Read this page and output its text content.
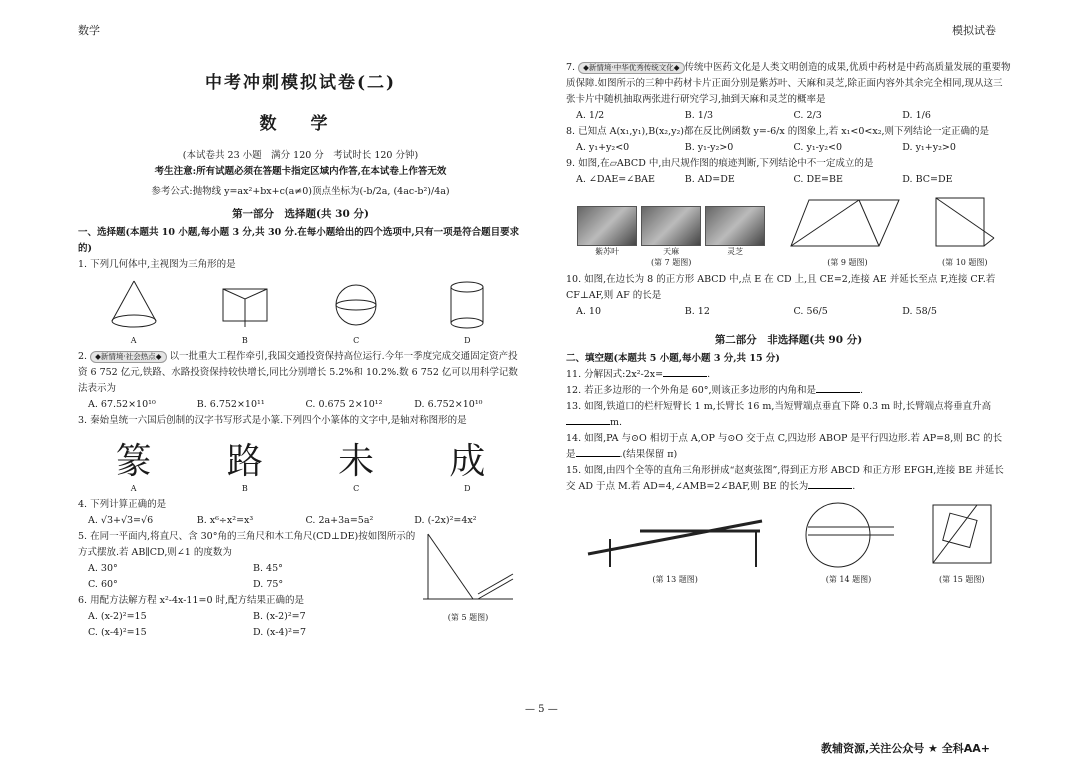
数学	模拟试卷
中考冲刺模拟试卷(二)
数 学

(本试卷共 23 小题　满分 120 分　考试时长 120 分钟)

考生注意:所有试题必须在答题卡指定区域内作答,在本试卷上作答无效

参考公式:抛物线 y=ax²+bx+c(a≠0)顶点坐标为(-b/2a, (4ac-b²)/4a)

第一部分　选择题(共 30 分)

一、选择题(本题共 10 小题,每小题 3 分,共 30 分.在每小题给出的四个选项中,只有一项是符合题目要求的)

1. 下列几何体中,主视图为三角形的是

A	B	C	D

2. ◆新情境·社会热点◆ 以一批重大工程作牵引,我国交通投资保持高位运行.今年一季度完成交通固定资产投资 6 752 亿元,铁路、水路投资保持较快增长,同比分别增长 5.2%和 10.2%.数 6 752 亿可以用科学记数法表示为

A. 67.52×10¹⁰	B. 6.752×10¹¹	C. 0.675 2×10¹²	D. 6.752×10¹⁰

3. 秦始皇统一六国后创制的汉字书写形式是小篆.下列四个小篆体的文字中,是轴对称图形的是

篆
A
路
B
未
C
成
D

4. 下列计算正确的是

A. √3+√3=√6	B. x⁶÷x²=x³	C. 2a+3a=5a²	D. (-2x)²=4x²

5. 在同一平面内,将直尺、含 30°角的三角尺和木工角尺(CD⊥DE)按如图所示的方式摆放.若 AB∥CD,则∠1 的度数为

A. 30°	B. 45°
C. 60°	D. 75°

6. 用配方法解方程 x²-4x-11=0 时,配方结果正确的是

A. (x-2)²=15	B. (x-2)²=7
C. (x-4)²=15	D. (x-4)²=7
(第 5 题图)

7. ◆新情境·中华优秀传统文化◆ 传统中医药文化是人类文明创造的成果,优质中药材是中药高质量发展的重要物质保障.如图所示的三种中药材卡片正面分别是紫苏叶、天麻和灵芝,除正面内容外其余完全相同,现从这三张卡片中随机抽取两张进行研究学习,抽到天麻和灵芝的概率是

A. 1/2	B. 1/3	C. 2/3	D. 1/6

8. 已知点 A(x₁,y₁),B(x₂,y₂)都在反比例函数 y=-6/x 的图象上,若 x₁<0<x₂,则下列结论一定正确的是

A. y₁+y₂<0	B. y₁-y₂>0	C. y₁-y₂<0	D. y₁+y₂>0

9. 如图,在▱ABCD 中,由尺规作图的痕迹判断,下列结论中不一定成立的是

A. ∠DAE=∠BAE	B. AD=DE	C. DE=BE	D. BC=DE
紫苏叶	天麻	灵芝
(第 7 题图)	(第 9 题图)	(第 10 题图)

10. 如图,在边长为 8 的正方形 ABCD 中,点 E 在 CD 上,且 CE=2,连接 AE 并延长至点 F,连接 CF.若 CF⊥AF,则 AF 的长是

A. 10	B. 12	C. 56/5	D. 58/5
第二部分　非选择题(共 90 分)

二、填空题(本题共 5 小题,每小题 3 分,共 15 分)

11. 分解因式:2x²-2x=	.

12. 若正多边形的一个外角是 60°,则该正多边形的内角和是	.

13. 如图,铁道口的栏杆短臂长 1 m,长臂长 16 m,当短臂端点垂直下降 0.3 m 时,长臂端点将垂直升高m.

14. 如图,PA 与⊙O 相切于点 A,OP 与⊙O 交于点 C,四边形 ABOP 是平行四边形.若 AP=8,则 BC 的长是	.(结果保留 π)

15. 如图,由四个全等的直角三角形拼成“赵爽弦图”,得到正方形 ABCD 和正方形 EFGH,连接 BE 并延长交 AD 于点 M.若 AD=4,∠AMB=2∠BAF,则 BE 的长为	.

(第 13 题图)	(第 14 题图)	(第 15 题图)
— 5 —
教辅资源,关注公众号 ★ 全科AA+
